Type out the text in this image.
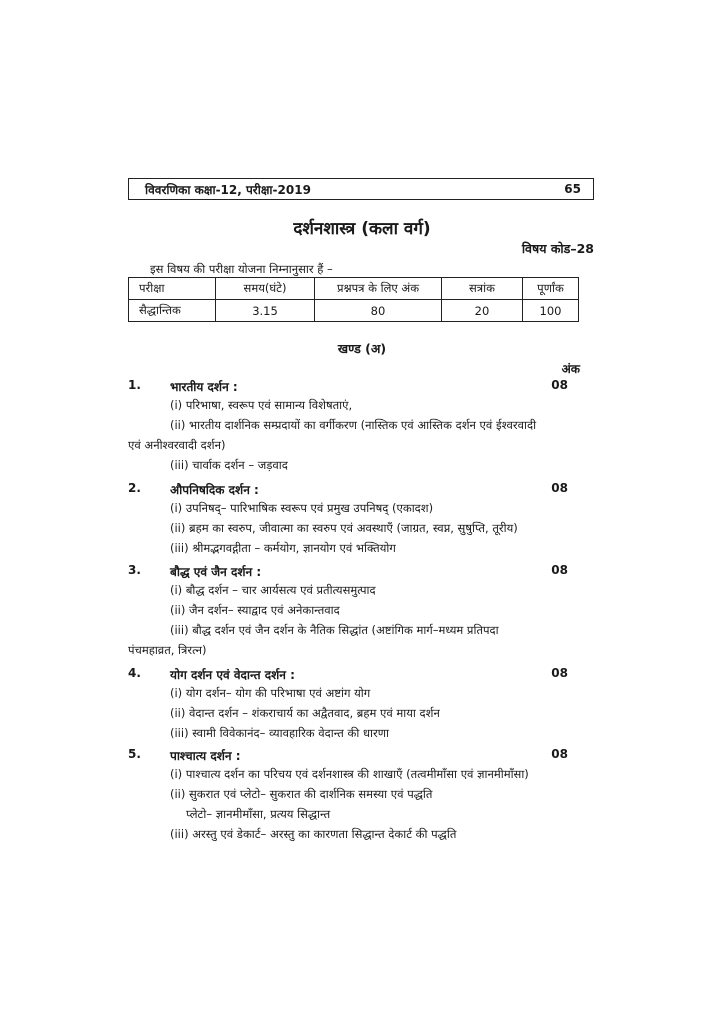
विवरणिका कक्षा-12, परीक्षा-2019	65
दर्शनशास्त्र (कला वर्ग)
विषय कोड–28
इस विषय की परीक्षा योजना निम्नानुसार हैं –
परीक्षा	समय(घंटे)	प्रश्नपत्र के लिए अंक	सत्रांक	पूर्णांक
सैद्धान्तिक	3.15	80	20	100
खण्ड (अ)
अंक
1.	भारतीय दर्शन :	08
(i) परिभाषा, स्वरूप एवं सामान्य विशेषताएं,
(ii) भारतीय दार्शनिक सम्प्रदायों का वर्गीकरण (नास्तिक एवं आस्तिक दर्शन एवं ईश्वरवादी
एवं अनीश्वरवादी दर्शन)
(iii) चार्वाक दर्शन – जड़वाद
2.	औपनिषदिक दर्शन :	08
(i) उपनिषद्– पारिभाषिक स्वरूप एवं प्रमुख उपनिषद् (एकादश)
(ii) ब्रहम का स्वरुप, जीवात्मा का स्वरुप एवं अवस्थाएँ (जाग्रत, स्वप्न, सुषुप्ति, तूरीय)
(iii) श्रीमद्भगवद्गीता – कर्मयोग, ज्ञानयोग एवं भक्तियोग
3.	बौद्ध एवं जैन दर्शन :	08
(i) बौद्ध दर्शन – चार आर्यसत्य एवं प्रतीत्यसमुत्पाद
(ii) जैन दर्शन– स्याद्वाद एवं अनेकान्तवाद
(iii) बौद्ध दर्शन एवं जैन दर्शन के नैतिक सिद्धांत (अष्टांगिक मार्ग–मध्यम प्रतिपदा
पंचमहाव्रत, त्रिरत्न)
4.	योग दर्शन एवं वेदान्त दर्शन :	08
(i) योग दर्शन– योग की परिभाषा एवं अष्टांग योग
(ii) वेदान्त दर्शन – शंकराचार्य का अद्वैतवाद, ब्रहम एवं माया दर्शन
(iii) स्वामी विवेकानंद– व्यावहारिक वेदान्त की धारणा
5.	पाश्चात्य दर्शन :	08
(i) पाश्चात्य दर्शन का परिचय एवं दर्शनशास्त्र की शाखाएँ (तत्वमीमाँसा एवं ज्ञानमीमाँसा)
(ii) सुकरात एवं प्लेटो– सुकरात की दार्शनिक समस्या एवं पद्धति
प्लेटो– ज्ञानमीमाँसा, प्रत्यय सिद्धान्त
(iii) अरस्तु एवं डेकार्ट– अरस्तु का कारणता सिद्धान्त देकार्ट की पद्धति
